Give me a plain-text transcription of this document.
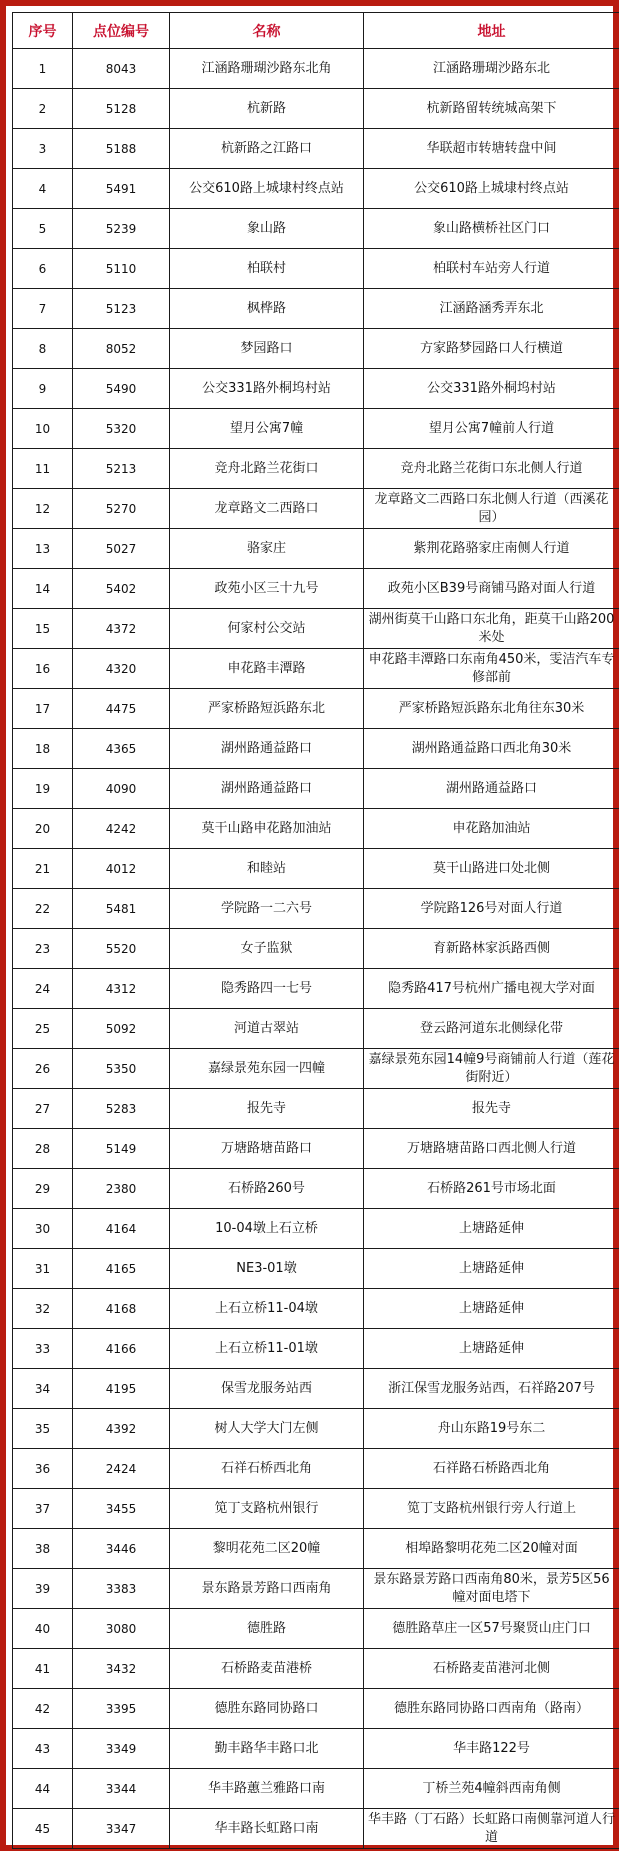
序号	点位编号	名称	地址
1	8043	江涵路珊瑚沙路东北角	江涵路珊瑚沙路东北
2	5128	杭新路	杭新路留转统城高架下
3	5188	杭新路之江路口	华联超市转塘转盘中间
4	5491	公交610路上城埭村终点站	公交610路上城埭村终点站
5	5239	象山路	象山路横桥社区门口
6	5110	柏联村	柏联村车站旁人行道
7	5123	枫桦路	江涵路涵秀弄东北
8	8052	梦园路口	方家路梦园路口人行横道
9	5490	公交331路外桐坞村站	公交331路外桐坞村站
10	5320	望月公寓7幢	望月公寓7幢前人行道
11	5213	竞舟北路兰花街口	竞舟北路兰花街口东北侧人行道
12	5270	龙章路文二西路口	龙章路文二西路口东北侧人行道（西溪花园）
13	5027	骆家庄	紫荆花路骆家庄南侧人行道
14	5402	政苑小区三十九号	政苑小区B39号商铺马路对面人行道
15	4372	何家村公交站	湖州街莫干山路口东北角，距莫干山路200米处
16	4320	申花路丰潭路	申花路丰潭路口东南角450米，雯洁汽车专修部前
17	4475	严家桥路短浜路东北	严家桥路短浜路东北角往东30米
18	4365	湖州路通益路口	湖州路通益路口西北角30米
19	4090	湖州路通益路口	湖州路通益路口
20	4242	莫干山路申花路加油站	申花路加油站
21	4012	和睦站	莫干山路进口处北侧
22	5481	学院路一二六号	学院路126号对面人行道
23	5520	女子监狱	育新路林家浜路西侧
24	4312	隐秀路四一七号	隐秀路417号杭州广播电视大学对面
25	5092	河道古翠站	登云路河道东北侧绿化带
26	5350	嘉绿景苑东园一四幢	嘉绿景苑东园14幢9号商铺前人行道（莲花街附近）
27	5283	报先寺	报先寺
28	5149	万塘路塘苗路口	万塘路塘苗路口西北侧人行道
29	2380	石桥路260号	石桥路261号市场北面
30	4164	10-04墩上石立桥	上塘路延伸
31	4165	NE3-01墩	上塘路延伸
32	4168	上石立桥11-04墩	上塘路延伸
33	4166	上石立桥11-01墩	上塘路延伸
34	4195	保雪龙服务站西	浙江保雪龙服务站西，石祥路207号
35	4392	树人大学大门左侧	舟山东路19号东二
36	2424	石祥石桥西北角	石祥路石桥路西北角
37	3455	笕丁支路杭州银行	笕丁支路杭州银行旁人行道上
38	3446	黎明花苑二区20幢	相埠路黎明花苑二区20幢对面
39	3383	景东路景芳路口西南角	景东路景芳路口西南角80米，景芳5区56幢对面电塔下
40	3080	德胜路	德胜路草庄一区57号聚贤山庄门口
41	3432	石桥路麦苗港桥	石桥路麦苗港河北侧
42	3395	德胜东路同协路口	德胜东路同协路口西南角（路南）
43	3349	勤丰路华丰路口北	华丰路122号
44	3344	华丰路蕙兰雅路口南	丁桥兰苑4幢斜西南角侧
45	3347	华丰路长虹路口南	华丰路（丁石路）长虹路口南侧靠河道人行道
